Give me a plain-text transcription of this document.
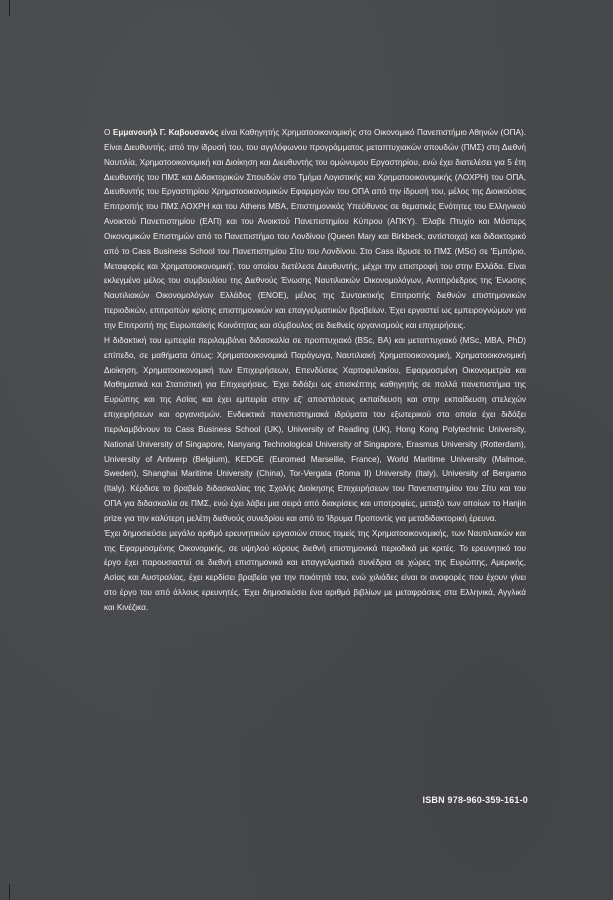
Ο Εμμανουήλ Γ. Καβουσανός είναι Καθηγητής Χρηματοοικονομικής στο Οικονομικό Πανεπιστήμιο Αθηνών (ΟΠΑ). Είναι Διευθυντής, από την ίδρυσή του, του αγγλόφωνου προγράμματος μεταπτυχιακών σπουδών (ΠΜΣ) στη Διεθνή Ναυτιλία, Χρηματοοικονομική και Διοίκηση και Διευθυντής του ομώνυμου Εργαστηρίου, ενώ έχει διατελέσει για 5 έτη Διευθυντής του ΠΜΣ και Διδακτορικών Σπουδών στο Τμήμα Λογιστικής και Χρηματοοικονομικής (ΛΟΧΡΗ) του ΟΠΑ, Διευθυντής του Εργαστηρίου Χρηματοοικονομικών Εφαρμογών του ΟΠΑ από την ίδρυσή του, μέλος της Διοικούσας Επιτροπής του ΠΜΣ ΛΟΧΡΗ και του Athens MBA, Επιστημονικός Υπεύθυνος σε θεματικές Ενότητες του Ελληνικού Ανοικτού Πανεπιστημίου (ΕΑΠ) και του Ανοικτού Πανεπιστημίου Κύπρου (ΑΠΚΥ). Έλαβε Πτυχίο και Μάστερς Οικονομικών Επιστημών από το Πανεπιστήμιο του Λονδίνου (Queen Mary και Birkbeck, αντίστοιχα) και διδακτορικό από το Cass Business School του Πανεπιστημίου Σίτυ του Λονδίνου. Στο Cass ίδρυσε το ΠΜΣ (MSc) σε 'Εμπόριο, Μεταφορές και Χρηματοοικονομική', του οποίου διετέλεσε Διευθυντής, μέχρι την επιστροφή του στην Ελλάδα. Είναι εκλεγμένο μέλος του συμβουλίου της Διεθνούς Ένωσης Ναυτιλιακών Οικονομολόγων, Αντιπρόεδρος της Ένωσης Ναυτιλιακών Οικονομολόγων Ελλάδος (ΕΝΟΕ), μέλος της Συντακτικής Επιτροπής διεθνών επιστημονικών περιοδικών, επιτροπών κρίσης επιστημονικών και επαγγελματικών βραβείων. Έχει εργαστεί ως εμπειρογνώμων για την Επιτροπή της Ευρωπαϊκής Κοινότητας και σύμβουλος σε διεθνείς οργανισμούς και επιχειρήσεις.

Η διδακτική του εμπειρία περιλαμβάνει διδασκαλία σε προπτυχιακό (BSc, BA) και μεταπτυχιακό (MSc, MBA, PhD) επίπεδο, σε μαθήματα όπως: Χρηματοοικονομικά Παράγωγα, Ναυτιλιακή Χρηματοοικονομική, Χρηματοοικονομική Διοίκηση, Χρηματοοικονομική των Επιχειρήσεων, Επενδύσεις Χαρτοφυλακίου, Εφαρμοσμένη Οικονομετρία και Μαθηματικά και Στατιστική για Επιχειρήσεις. Έχει διδάξει ως επισκέπτης καθηγητής σε πολλά πανεπιστήμια της Ευρώπης και της Ασίας και έχει εμπειρία στην εξ' αποστάσεως εκπαίδευση και στην εκπαίδευση στελεχών επιχειρήσεων και οργανισμών. Ενδεικτικά πανεπιστημιακά ιδρύματα του εξωτερικού στα οποία έχει διδάξει περιλαμβάνουν το Cass Business School (UK), University of Reading (UK), Hong Kong Polytechnic University, National University of Singapore, Nanyang Technological University of Singapore, Erasmus University (Rotterdam), University of Antwerp (Belgium), KEDGE (Euromed Marseille, France), World Maritime University (Malmoe, Sweden), Shanghai Maritime University (China), Tor-Vergata (Roma II) University (Italy), University of Bergamo (Italy). Κέρδισε το βραβείο διδασκαλίας της Σχολής Διοίκησης Επιχειρήσεων του Πανεπιστημίου του Σίτυ και του ΟΠΑ για διδασκαλία σε ΠΜΣ, ενώ έχει λάβει μια σειρά από διακρίσεις και υποτροφίες, μεταξύ των οποίων το Hanjin prize για την καλύτερη μελέτη διεθνούς συνεδρίου και από το Ίδρυμα Προποντίς για μεταδιδακτορική έρευνα.

Έχει δημοσιεύσει μεγάλο αριθμό ερευνητικών εργασιών στους τομείς της Χρηματοοικονομικής, των Ναυτιλιακών και της Εφαρμοσμένης Οικονομικής, σε υψηλού κύρους διεθνή επιστημονικά περιοδικά με κριτές. Το ερευνητικό του έργο έχει παρουσιαστεί σε διεθνή επιστημονικά και επαγγελματικά συνέδρια σε χώρες της Ευρώπης, Αμερικής, Ασίας και Αυστραλίας, έχει κερδίσει βραβεία για την ποιότητά του, ενώ χιλιάδες είναι οι αναφορές που έχουν γίνει στο έργο του από άλλους ερευνητές. Έχει δημοσιεύσει ένα αριθμό βιβλίων με μεταφράσεις στα Ελληνικά, Αγγλικά και Κινέζικα.

ISBN 978-960-359-161-0
